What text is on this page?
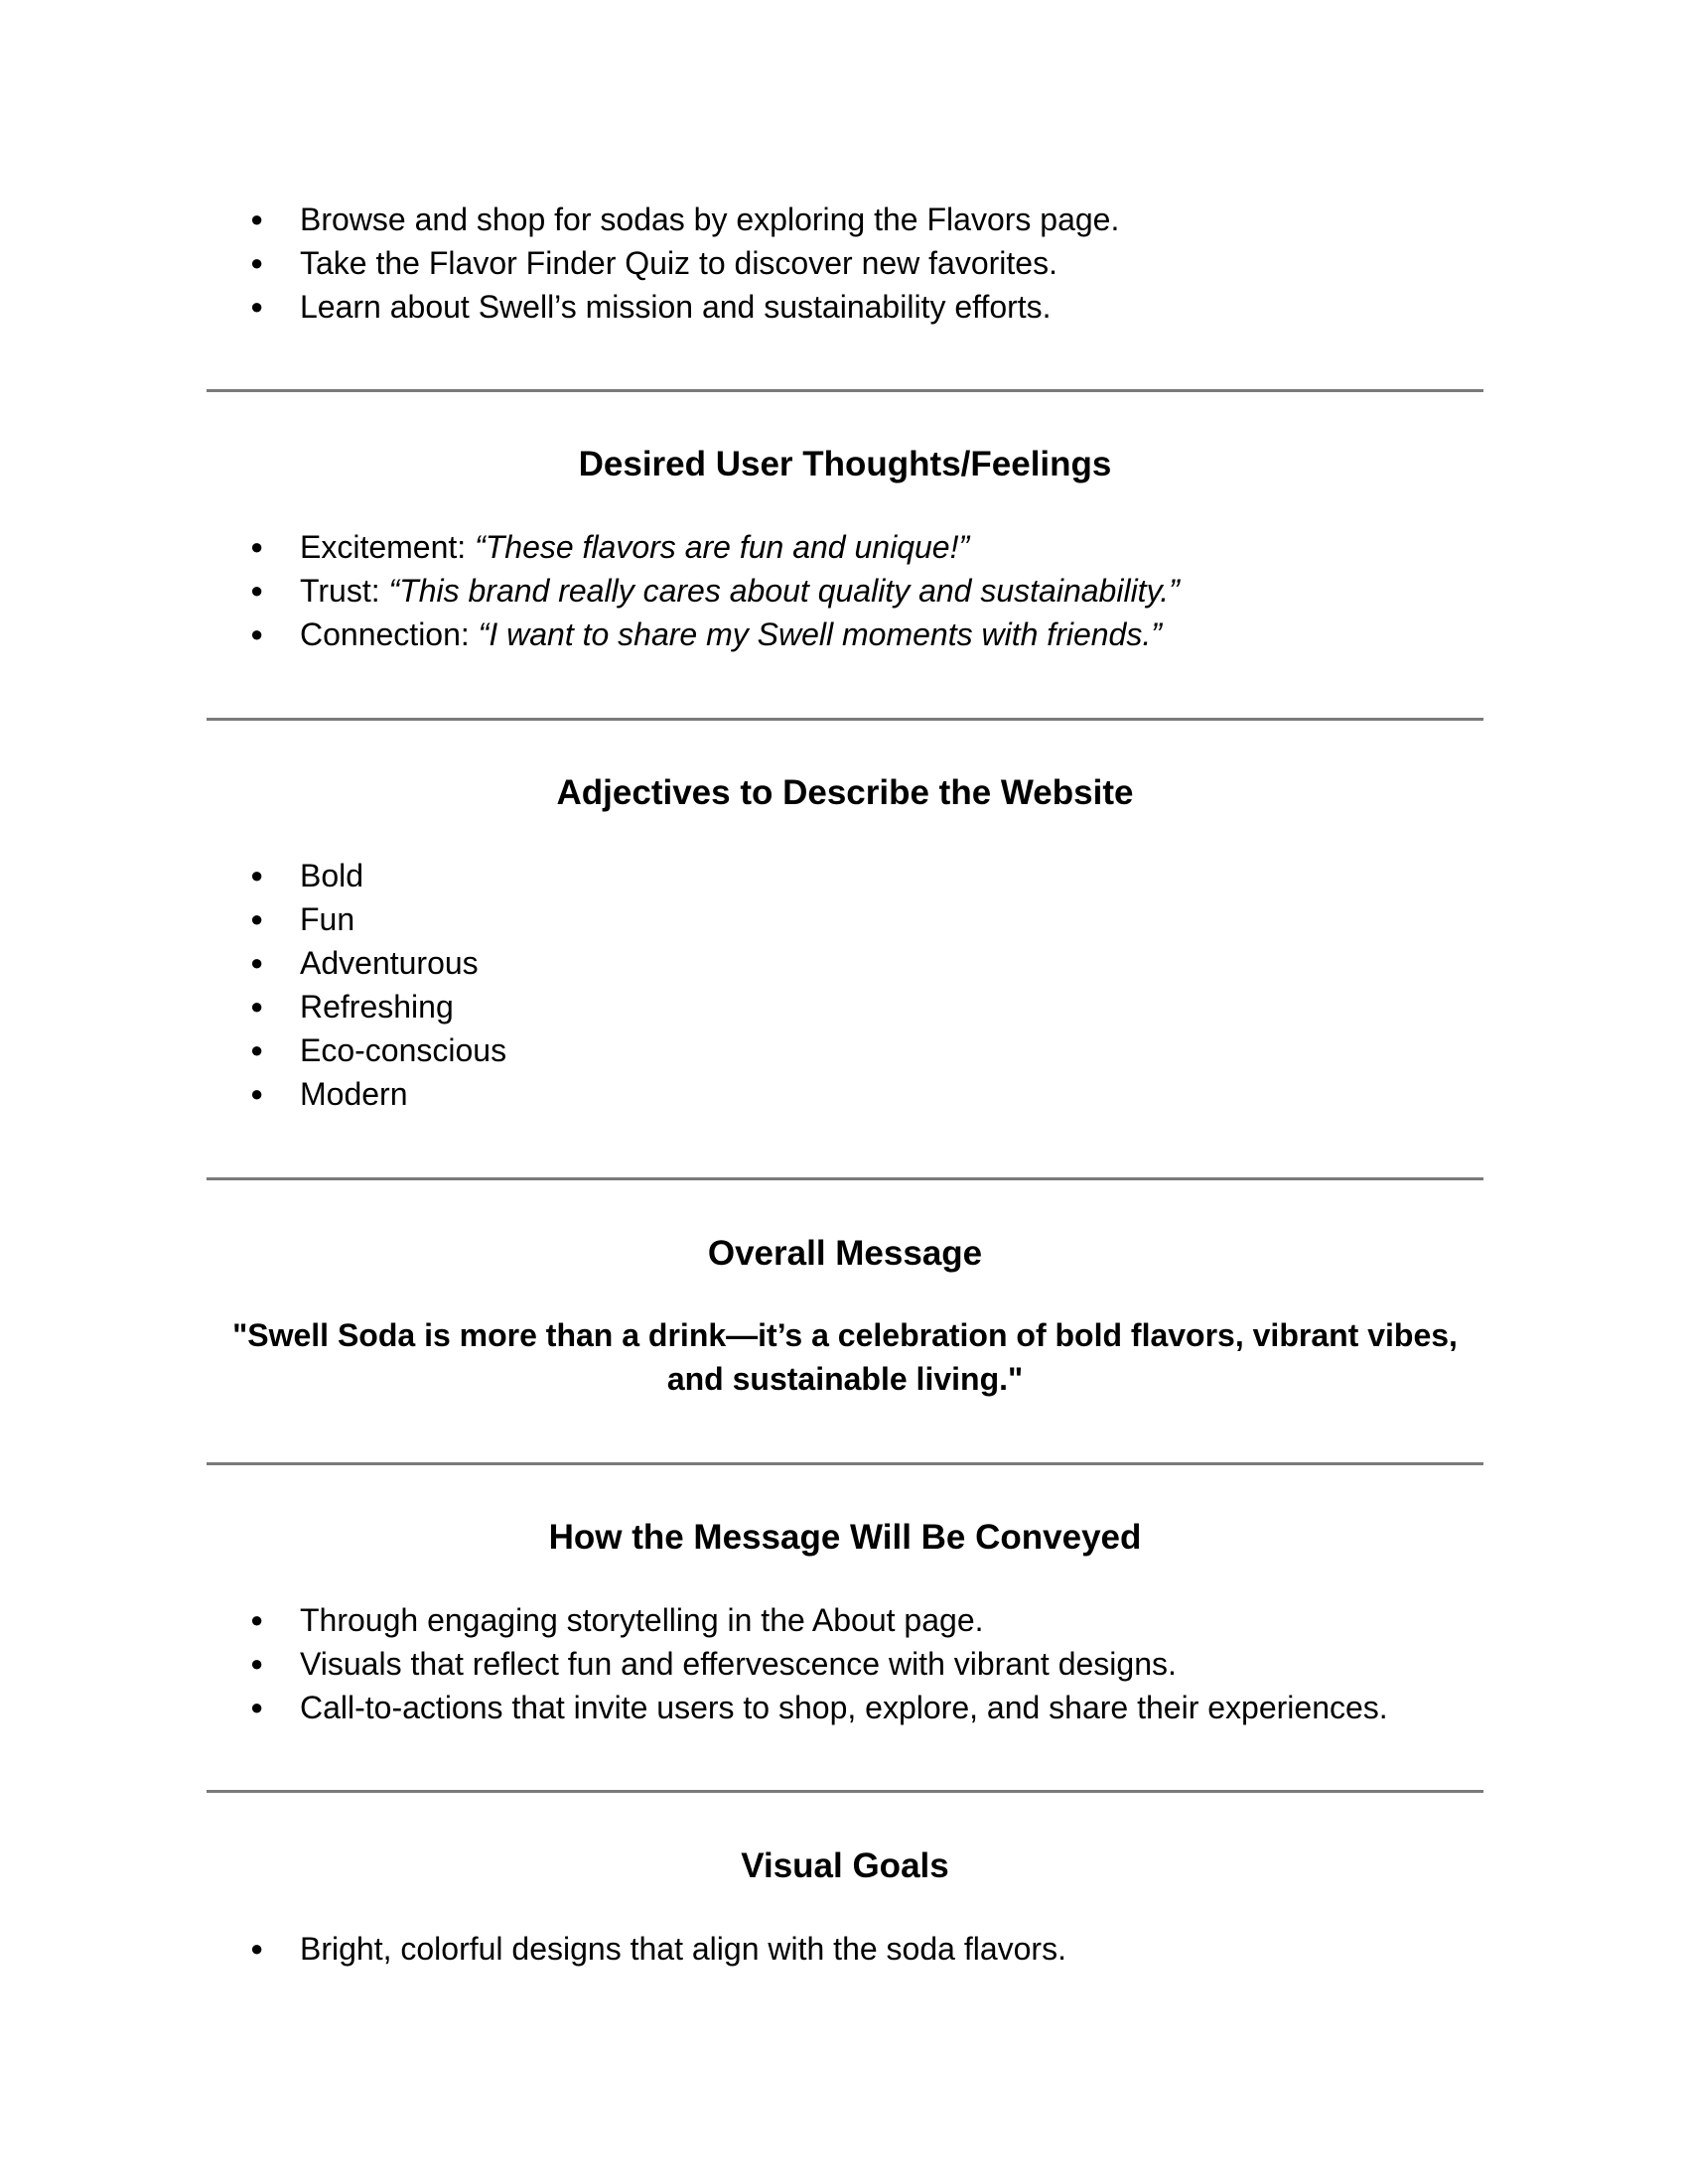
● Browse and shop for sodas by exploring the Flavors page.
● Take the Flavor Finder Quiz to discover new favorites.
● Learn about Swell’s mission and sustainability efforts.
Desired User Thoughts/Feelings
● Excitement: “These flavors are fun and unique!”
● Trust: “This brand really cares about quality and sustainability.”
● Connection: “I want to share my Swell moments with friends.”
Adjectives to Describe the Website
● Bold
● Fun
● Adventurous
● Refreshing
● Eco-conscious
● Modern
Overall Message
"Swell Soda is more than a drink—it’s a celebration of bold flavors, vibrant vibes,
and sustainable living."
How the Message Will Be Conveyed
● Through engaging storytelling in the About page.
● Visuals that reflect fun and effervescence with vibrant designs.
● Call-to-actions that invite users to shop, explore, and share their experiences.
Visual Goals
● Bright, colorful designs that align with the soda flavors.
